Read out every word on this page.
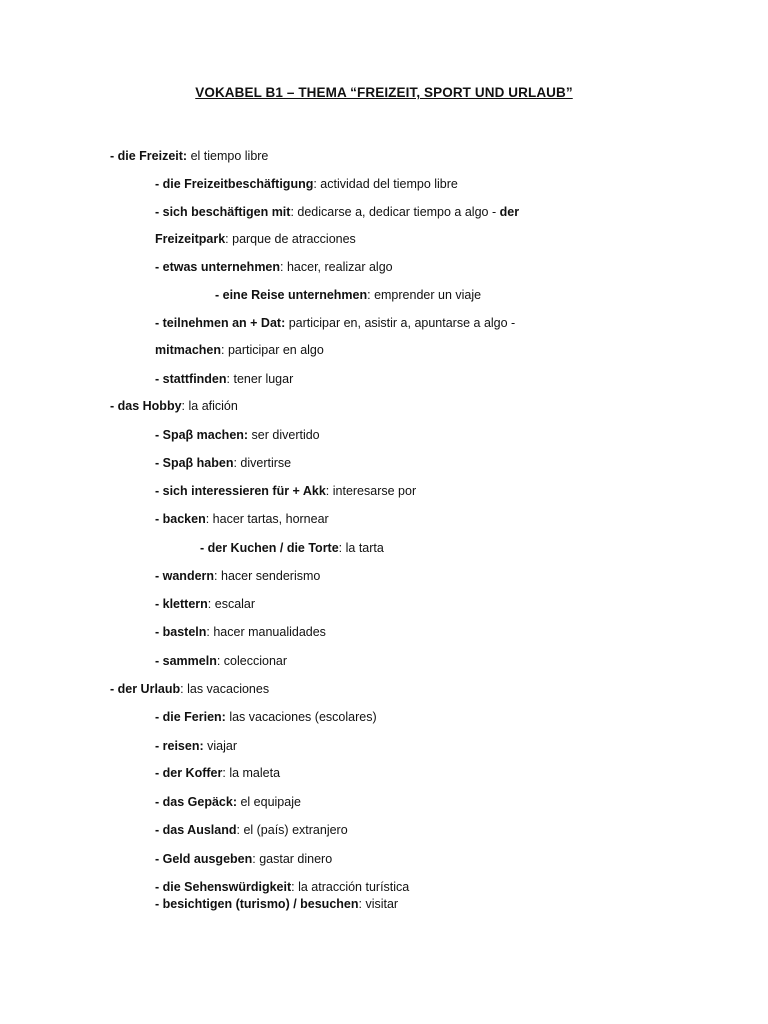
VOKABEL B1 – THEMA “FREIZEIT, SPORT UND URLAUB”
- die Freizeit: el tiempo libre
- die Freizeitbeschäftigung: actividad del tiempo libre
- sich beschäftigen mit: dedicarse a, dedicar tiempo a algo - der
Freizeitpark: parque de atracciones
- etwas unternehmen: hacer, realizar algo
- eine Reise unternehmen: emprender un viaje
- teilnehmen an + Dat: participar en, asistir a, apuntarse a algo -
mitmachen: participar en algo
- stattfinden: tener lugar
- das Hobby: la afición
- Spaβ machen: ser divertido
- Spaβ haben: divertirse
- sich interessieren für + Akk: interesarse por
- backen: hacer tartas, hornear
- der Kuchen / die Torte: la tarta
- wandern: hacer senderismo
- klettern: escalar
- basteln: hacer manualidades
- sammeln: coleccionar
- der Urlaub: las vacaciones
- die Ferien: las vacaciones (escolares)
- reisen: viajar
- der Koffer: la maleta
- das Gepäck: el equipaje
- das Ausland: el (país) extranjero
- Geld ausgeben: gastar dinero
- die Sehenswürdigkeit: la atracción turística
- besichtigen (turismo) / besuchen: visitar
